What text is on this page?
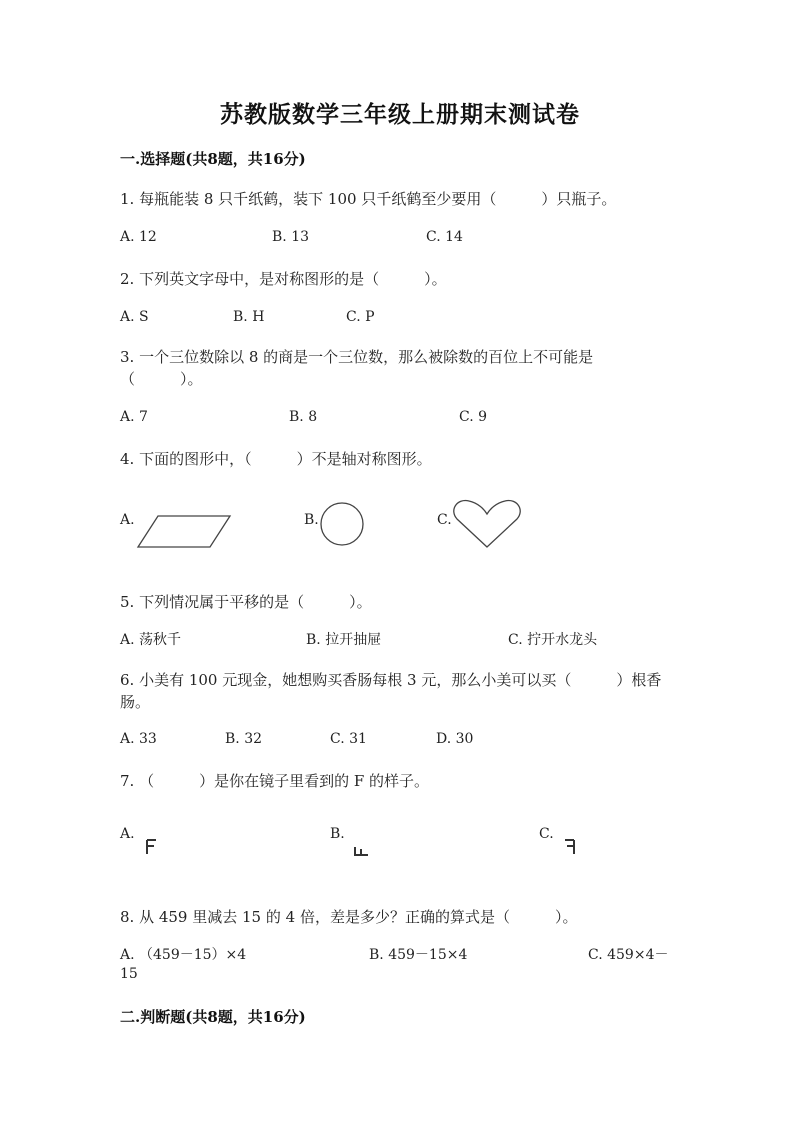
苏教版数学三年级上册期末测试卷
一.选择题(共8题，共16分)
1. 每瓶能装 8 只千纸鹤，装下 100 只千纸鹤至少要用（　　　）只瓶子。
A. 12	B. 13	C. 14
2. 下列英文字母中，是对称图形的是（　　　）。
A. S	B. H	C. P
3. 一个三位数除以 8 的商是一个三位数，那么被除数的百位上不可能是
（　　　）。
A. 7	B. 8	C. 9
4. 下面的图形中，（　　　）不是轴对称图形。
A.	B.	C.
5. 下列情况属于平移的是（　　　）。
A. 荡秋千	B. 拉开抽屉	C. 拧开水龙头
6. 小美有 100 元现金，她想购买香肠每根 3 元，那么小美可以买（　　　）根香
肠。
A. 33	B. 32	C. 31	D. 30
7. （　　　）是你在镜子里看到的 F 的样子。
A.	B.	C.
8. 从 459 里减去 15 的 4 倍，差是多少？正确的算式是（　　　）。
A. （459－15）×4	B. 459－15×4	C. 459×4－
15
二.判断题(共8题，共16分)
